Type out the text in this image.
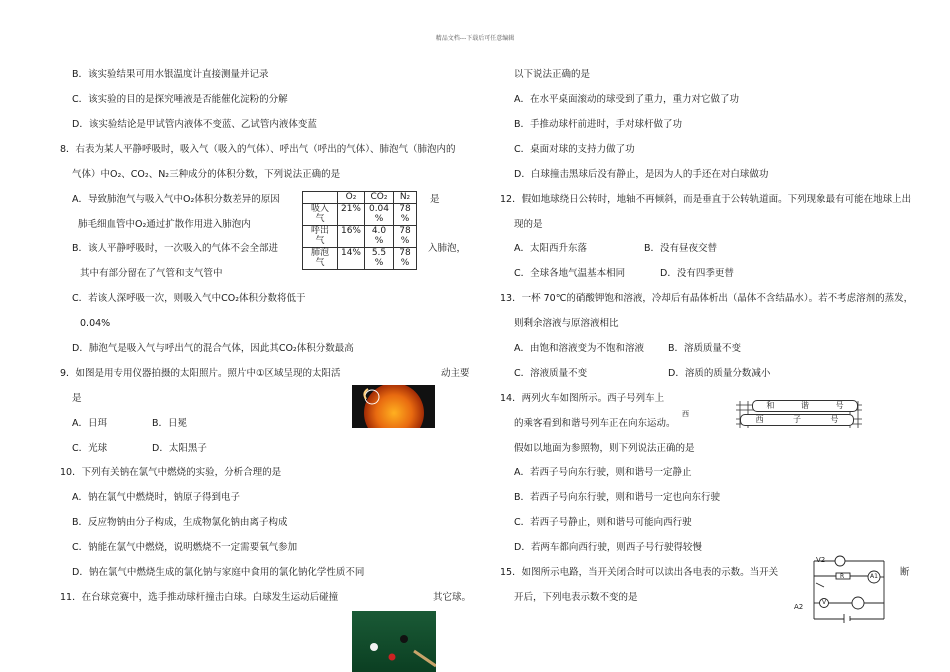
精品文档---下载后可任意编辑
B．该实验结果可用水银温度计直接测量并记录
C．该实验的目的是探究唾液是否能催化淀粉的分解
D．该实验结论是甲试管内液体不变蓝、乙试管内液体变蓝
8．右表为某人平静呼吸时，吸入气（吸入的气体）、呼出气（呼出的气体）、肺泡气（肺泡内的
气体）中O₂、CO₂、N₂三种成分的体积分数，下列说法正确的是
A．导致肺泡气与吸入气中O₂体积分数差异的原因	是
肺毛细血管中O₂通过扩散作用进入肺泡内
B．该人平静呼吸时，一次吸入的气体不会全部进	入肺泡，
其中有部分留在了气管和支气管中
C．若该人深呼吸一次，则吸入气中CO₂体积分数将低于
0.04%
D．肺泡气是吸入气与呼出气的混合气体，因此其CO₂体积分数最高
	O₂	CO₂	N₂
吸入	21%	0.04	78
气		%	%
呼出	16%	4.0	78
气		%	%
肺泡	14%	5.5	78
气		%	%
9．如图是用专用仪器拍摄的太阳照片。照片中①区域呈现的太阳活	动主要
是
A．日珥	B．日冕
C．光球	D．太阳黑子
10．下列有关钠在氯气中燃烧的实验，分析合理的是
A．钠在氯气中燃烧时，钠原子得到电子
B．反应物钠由分子构成，生成物氯化钠由离子构成
C．钠能在氯气中燃烧，说明燃烧不一定需要氧气参加
D．钠在氯气中燃烧生成的氯化钠与家庭中食用的氯化钠化学性质不同
11．在台球竞赛中，选手推动球杆撞击白球。白球发生运动后碰撞	其它球。
以下说法正确的是
A．在水平桌面滚动的球受到了重力，重力对它做了功
B．手推动球杆前进时，手对球杆做了功
C．桌面对球的支持力做了功
D．白球撞击黑球后没有静止，是因为人的手还在对白球做功
12．假如地球绕日公转时，地轴不再倾斜，而是垂直于公转轨道面。下列现象最有可能在地球上出
现的是
A．太阳西升东落	B．没有昼夜交替
C．全球各地气温基本相同	D．没有四季更替
13．一杯 70℃的硝酸钾饱和溶液，冷却后有晶体析出（晶体不含结晶水）。若不考虑溶剂的蒸发，
则剩余溶液与原溶液相比
A．由饱和溶液变为不饱和溶液	B．溶质质量不变
C．溶液质量不变	D．溶质的质量分数减小
14．两列火车如图所示。西子号列车上
的乘客看到和谐号列车正在向东运动。
假如以地面为参照物，则下列说法正确的是
A．若西子号向东行驶，则和谐号一定静止
B．若西子号向东行驶，则和谐号一定也向东行驶
C．若西子号静止，则和谐号可能向西行驶
D．若两车都向西行驶，则西子号行驶得较慢
西
和	谐	号
西	子	号
15．如图所示电路，当开关闭合时可以读出各电表的示数。当开关	断
开后，下列电表示数不变的是
V2
A1
R
V
A2
